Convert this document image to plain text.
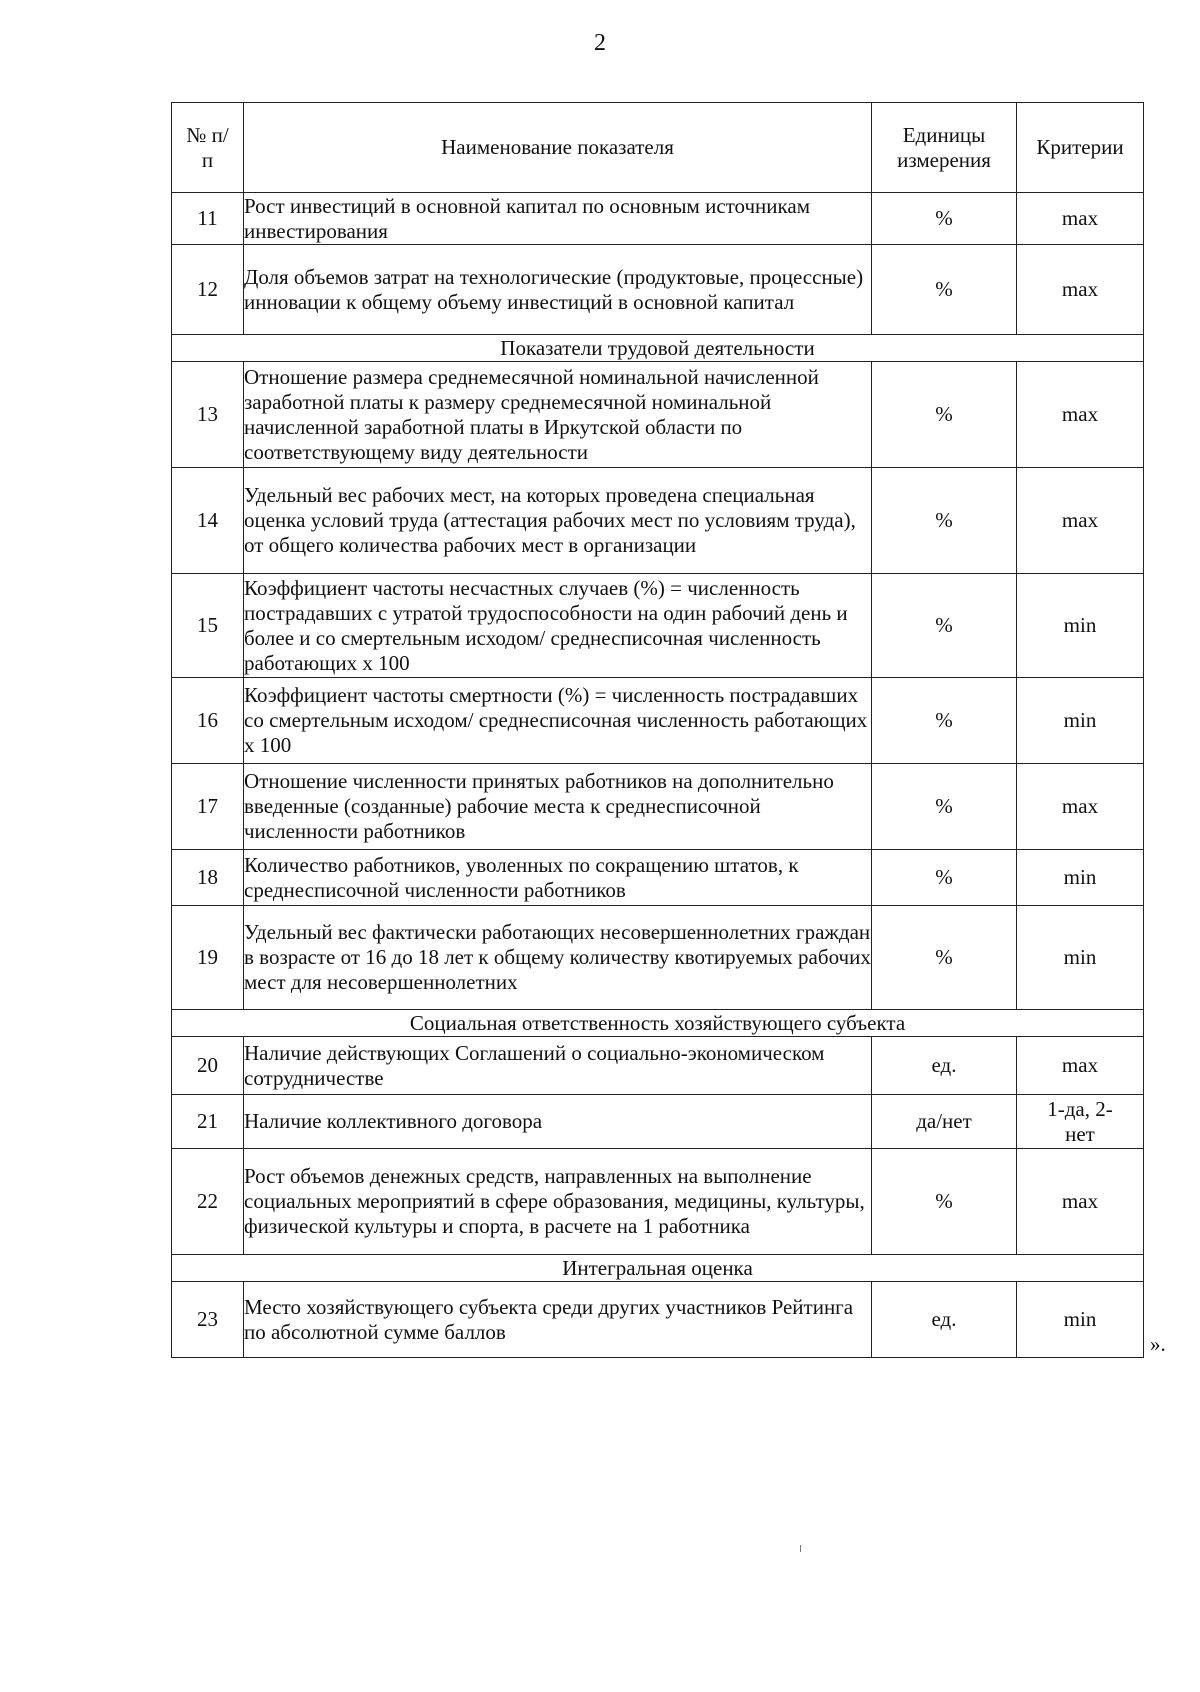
2
№ п/п	Наименование показателя	Единицы измерения	Критерии
11	Рост инвестиций в основной капитал по основным источникам инвестирования	%	max
12	Доля объемов затрат на технологические (продуктовые, процессные) инновации к общему объему инвестиций в основной капитал	%	max
Показатели трудовой деятельности			
13	Отношение размера среднемесячной номинальной начисленной заработной платы к размеру среднемесячной номинальной начисленной заработной платы в Иркутской области по соответствующему виду деятельности	%	max
14	Удельный вес рабочих мест, на которых проведена специальная оценка условий труда (аттестация рабочих мест по условиям труда), от общего количества рабочих мест в организации	%	max
15	Коэффициент частоты несчастных случаев (%) = численность пострадавших с утратой трудоспособности на один рабочий день и более и со смертельным исходом/ среднесписочная численность работающих х 100	%	min
16	Коэффициент частоты смертности (%) = численность пострадавших со смертельным исходом/ среднесписочная численность работающих х 100	%	min
17	Отношение численности принятых работников на дополнительно введенные (созданные) рабочие места к среднесписочной численности работников	%	max
18	Количество работников, уволенных по сокращению штатов, к среднесписочной численности работников	%	min
19	Удельный вес фактически работающих несовершеннолетних граждан в возрасте от 16 до 18 лет к общему количеству квотируемых рабочих мест для несовершеннолетних	%	min
Социальная ответственность хозяйствующего субъекта			
20	Наличие действующих Соглашений о социально-экономическом сотрудничестве	ед.	max
21	Наличие коллективного договора	да/нет	1-да, 2-нет
22	Рост объемов денежных средств, направленных на выполнение социальных мероприятий в сфере образования, медицины, культуры, физической культуры и спорта, в расчете на 1 работника	%	max
Интегральная оценка			
23	Место хозяйствующего субъекта среди других участников Рейтинга по абсолютной сумме баллов	ед.	min
».
